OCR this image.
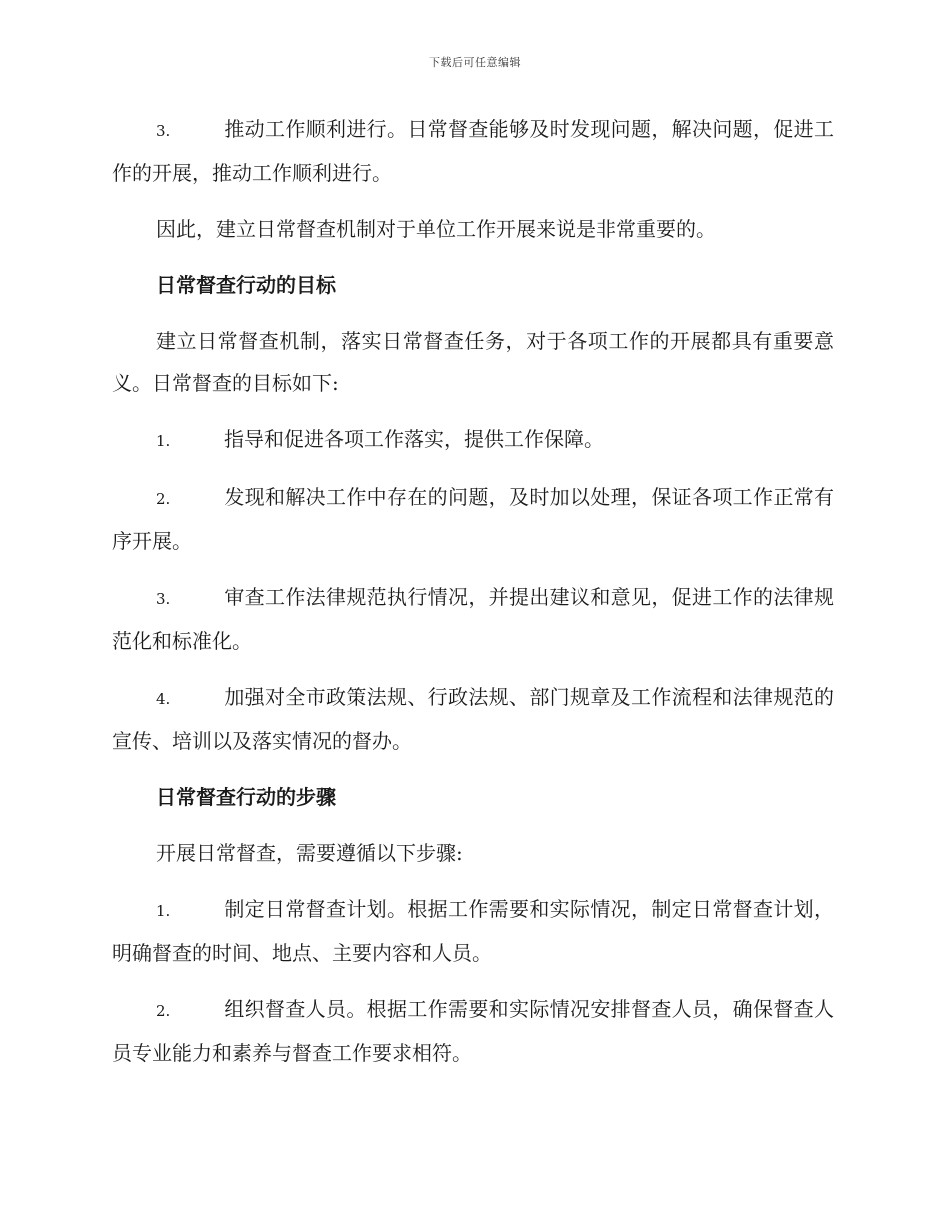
下载后可任意编辑
3.	推动工作顺利进行。日常督查能够及时发现问题，解决问题，促进工作的开展，推动工作顺利进行。
因此，建立日常督查机制对于单位工作开展来说是非常重要的。
日常督查行动的目标
建立日常督查机制，落实日常督查任务，对于各项工作的开展都具有重要意义。日常督查的目标如下:
1.	指导和促进各项工作落实，提供工作保障。
2.	发现和解决工作中存在的问题，及时加以处理，保证各项工作正常有序开展。
3.	审查工作法律规范执行情况，并提出建议和意见，促进工作的法律规范化和标准化。
4.	加强对全市政策法规、行政法规、部门规章及工作流程和法律规范的宣传、培训以及落实情况的督办。
日常督查行动的步骤
开展日常督查，需要遵循以下步骤:
1.	制定日常督查计划。根据工作需要和实际情况，制定日常督查计划，明确督查的时间、地点、主要内容和人员。
2.	组织督查人员。根据工作需要和实际情况安排督查人员，确保督查人员专业能力和素养与督查工作要求相符。
